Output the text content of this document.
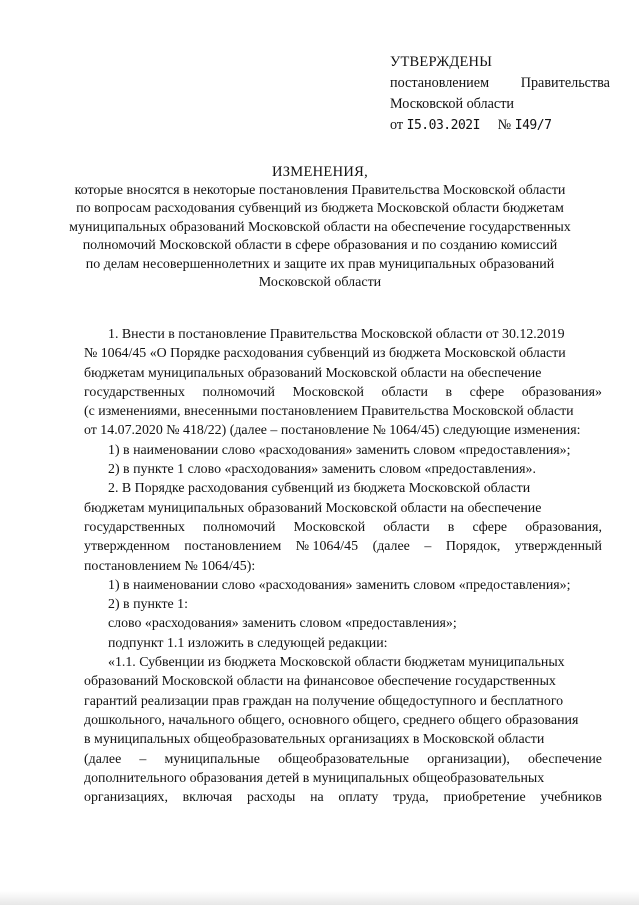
УТВЕРЖДЕНЫ
постановлением Правительства
Московской области
от I5.03.202I № I49/7
ИЗМЕНЕНИЯ,
которые вносятся в некоторые постановления Правительства Московской области
по вопросам расходования субвенций из бюджета Московской области бюджетам
муниципальных образований Московской области на обеспечение государственных
полномочий Московской области в сфере образования и по созданию комиссий
по делам несовершеннолетних и защите их прав муниципальных образований
Московской области
1. Внести в постановление Правительства Московской области от 30.12.2019
№ 1064/45 «О Порядке расходования субвенций из бюджета Московской области
бюджетам муниципальных образований Московской области на обеспечение
государственных полномочий Московской области в сфере образования»
(с изменениями, внесенными постановлением Правительства Московской области
от 14.07.2020 № 418/22) (далее – постановление № 1064/45) следующие изменения:
1) в наименовании слово «расходования» заменить словом «предоставления»;
2) в пункте 1 слово «расходования» заменить словом «предоставления».
2. В Порядке расходования субвенций из бюджета Московской области
бюджетам муниципальных образований Московской области на обеспечение
государственных полномочий Московской области в сфере образования,
утвержденном постановлением № 1064/45 (далее – Порядок, утвержденный
постановлением № 1064/45):
1) в наименовании слово «расходования» заменить словом «предоставления»;
2) в пункте 1:
слово «расходования» заменить словом «предоставления»;
подпункт 1.1 изложить в следующей редакции:
«1.1. Субвенции из бюджета Московской области бюджетам муниципальных
образований Московской области на финансовое обеспечение государственных
гарантий реализации прав граждан на получение общедоступного и бесплатного
дошкольного, начального общего, основного общего, среднего общего образования
в муниципальных общеобразовательных организациях в Московской области
(далее – муниципальные общеобразовательные организации), обеспечение
дополнительного образования детей в муниципальных общеобразовательных
организациях, включая расходы на оплату труда, приобретение учебников
